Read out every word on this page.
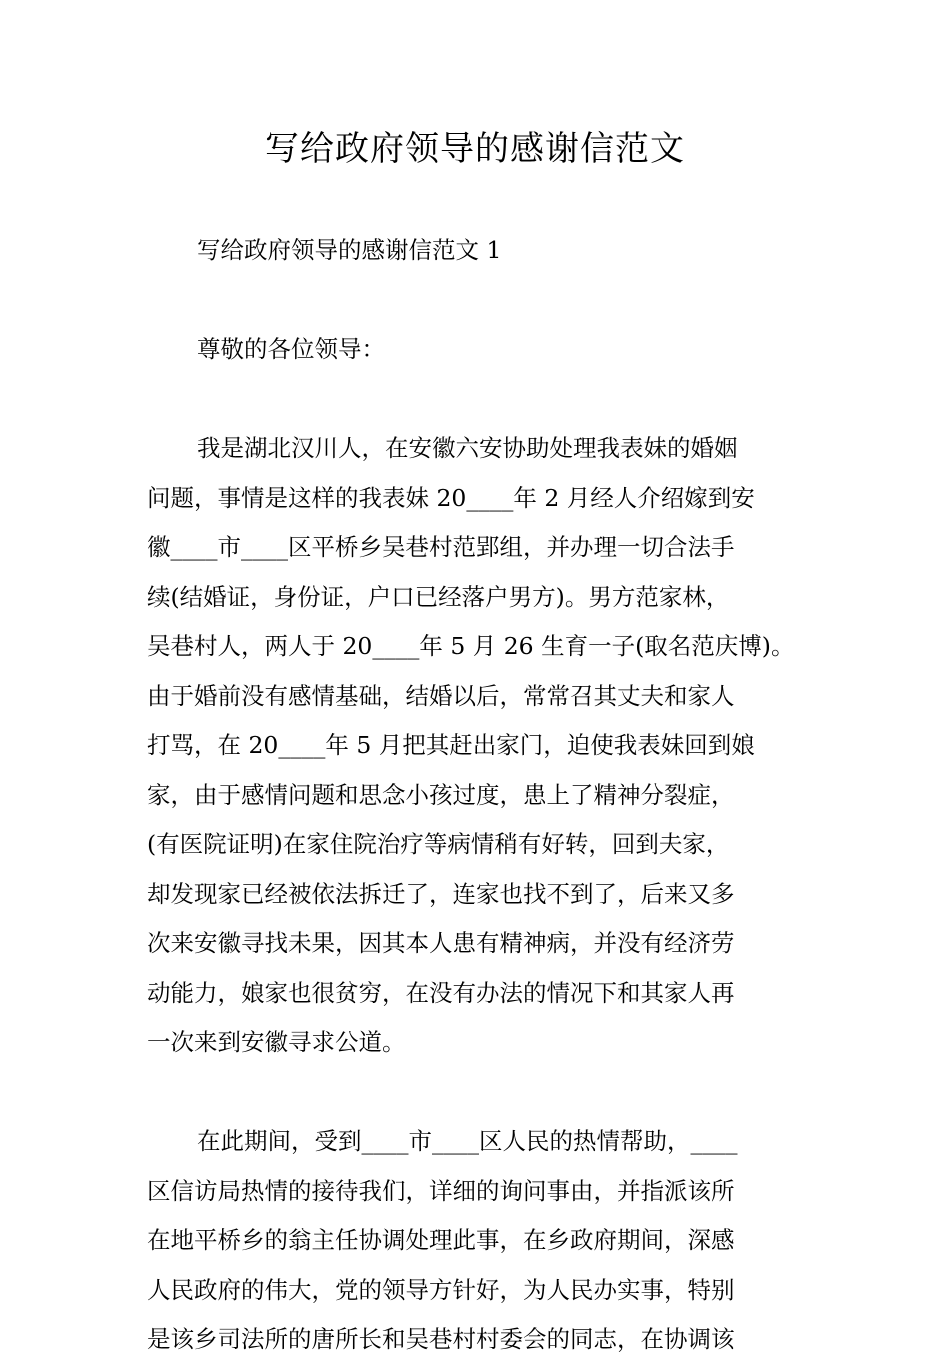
写给政府领导的感谢信范文
写给政府领导的感谢信范文 1
尊敬的各位领导：
我是湖北汉川人，在安徽六安协助处理我表妹的婚姻
问题，事情是这样的我表妹 20____年 2 月经人介绍嫁到安
徽____市____区平桥乡吴巷村范郢组，并办理一切合法手
续(结婚证，身份证，户口已经落户男方)。男方范家林，
吴巷村人，两人于 20____年 5 月 26 生育一子(取名范庆博)。
由于婚前没有感情基础，结婚以后，常常召其丈夫和家人
打骂，在 20____年 5 月把其赶出家门，迫使我表妹回到娘
家，由于感情问题和思念小孩过度，患上了精神分裂症，
(有医院证明)在家住院治疗等病情稍有好转，回到夫家，
却发现家已经被依法拆迁了，连家也找不到了，后来又多
次来安徽寻找未果，因其本人患有精神病，并没有经济劳
动能力，娘家也很贫穷，在没有办法的情况下和其家人再
一次来到安徽寻求公道。
在此期间，受到____市____区人民的热情帮助，____
区信访局热情的接待我们，详细的询问事由，并指派该所
在地平桥乡的翁主任协调处理此事，在乡政府期间，深感
人民政府的伟大，党的领导方针好，为人民办实事，特别
是该乡司法所的唐所长和吴巷村村委会的同志，在协调该
